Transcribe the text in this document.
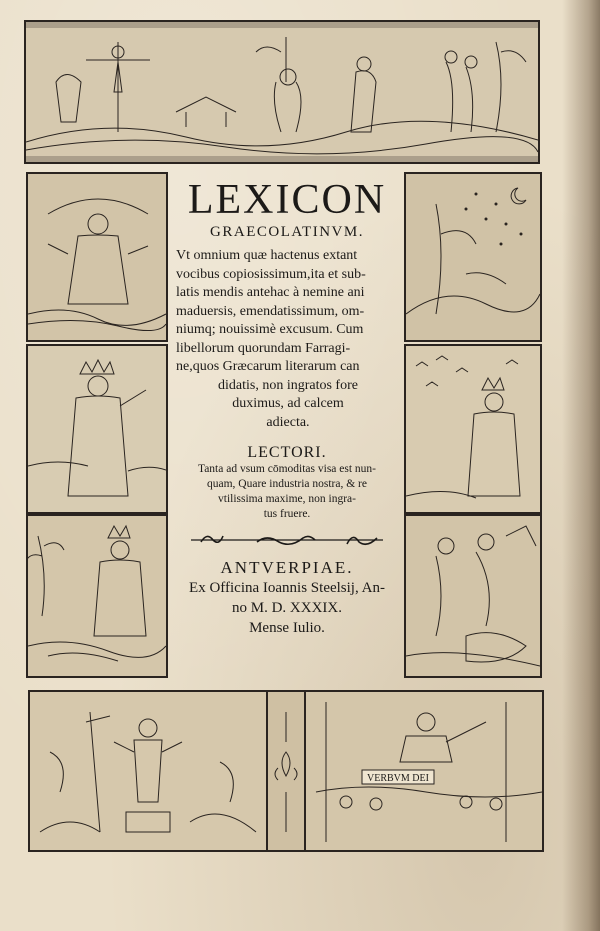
LEXICON
GRAECOLATINVM.
Vt omnium quæ hactenus extant
vocibus copiosissimum,ita et sub-
latis mendis antehac à nemine ani
maduersis, emendatissimum, om-
niumq; nouissimè excusum. Cum
libellorum quorundam Farragi-
ne,quos Græcarum literarum can
didatis, non ingratos fore
duximus, ad calcem
adiecta.
LECTORI.
Tanta ad vsum cōmoditas visa est nun-
quam, Quare industria nostra, & re
vtilissima maxime, non ingra-
tus fruere.
ANTVERPIAE.
Ex Officina Ioannis Steelsij, An-
no M. D. XXXIX.
Mense Iulio.
VERBVM DEI
